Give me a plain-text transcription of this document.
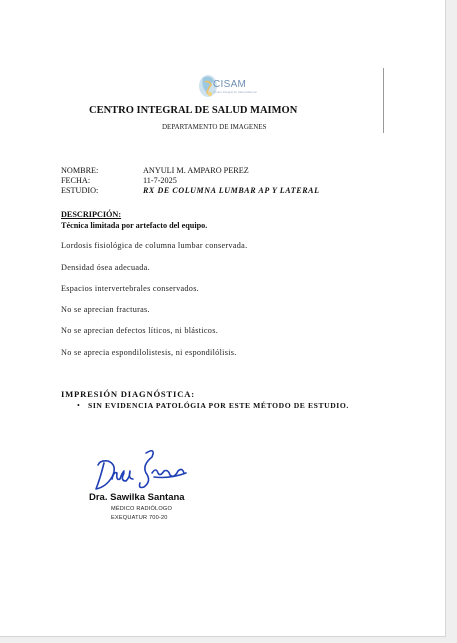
CISAM
Centro Integral de Salud Maimon
CENTRO INTEGRAL DE SALUD MAIMON
DEPARTAMENTO DE IMAGENES
NOMBRE:	ANYULI M. AMPARO PEREZ
FECHA:	11-7-2025
ESTUDIO:	RX DE COLUMNA LUMBAR AP Y LATERAL
DESCRIPCIÓN:
Técnica limitada por artefacto del equipo.
Lordosis fisiológica de columna lumbar conservada.
Densidad ósea adecuada.
Espacios intervertebrales conservados.
No se aprecian fracturas.
No se aprecian defectos líticos, ni blásticos.
No se aprecia espondilolistesis, ni espondilólisis.
IMPRESIÓN DIAGNÓSTICA:
• SIN EVIDENCIA PATOLÓGIA POR ESTE MÉTODO DE ESTUDIO.
Dra. Sawilka Santana
MÉDICO RADIÓLOGO
EXEQUATUR 700-20
